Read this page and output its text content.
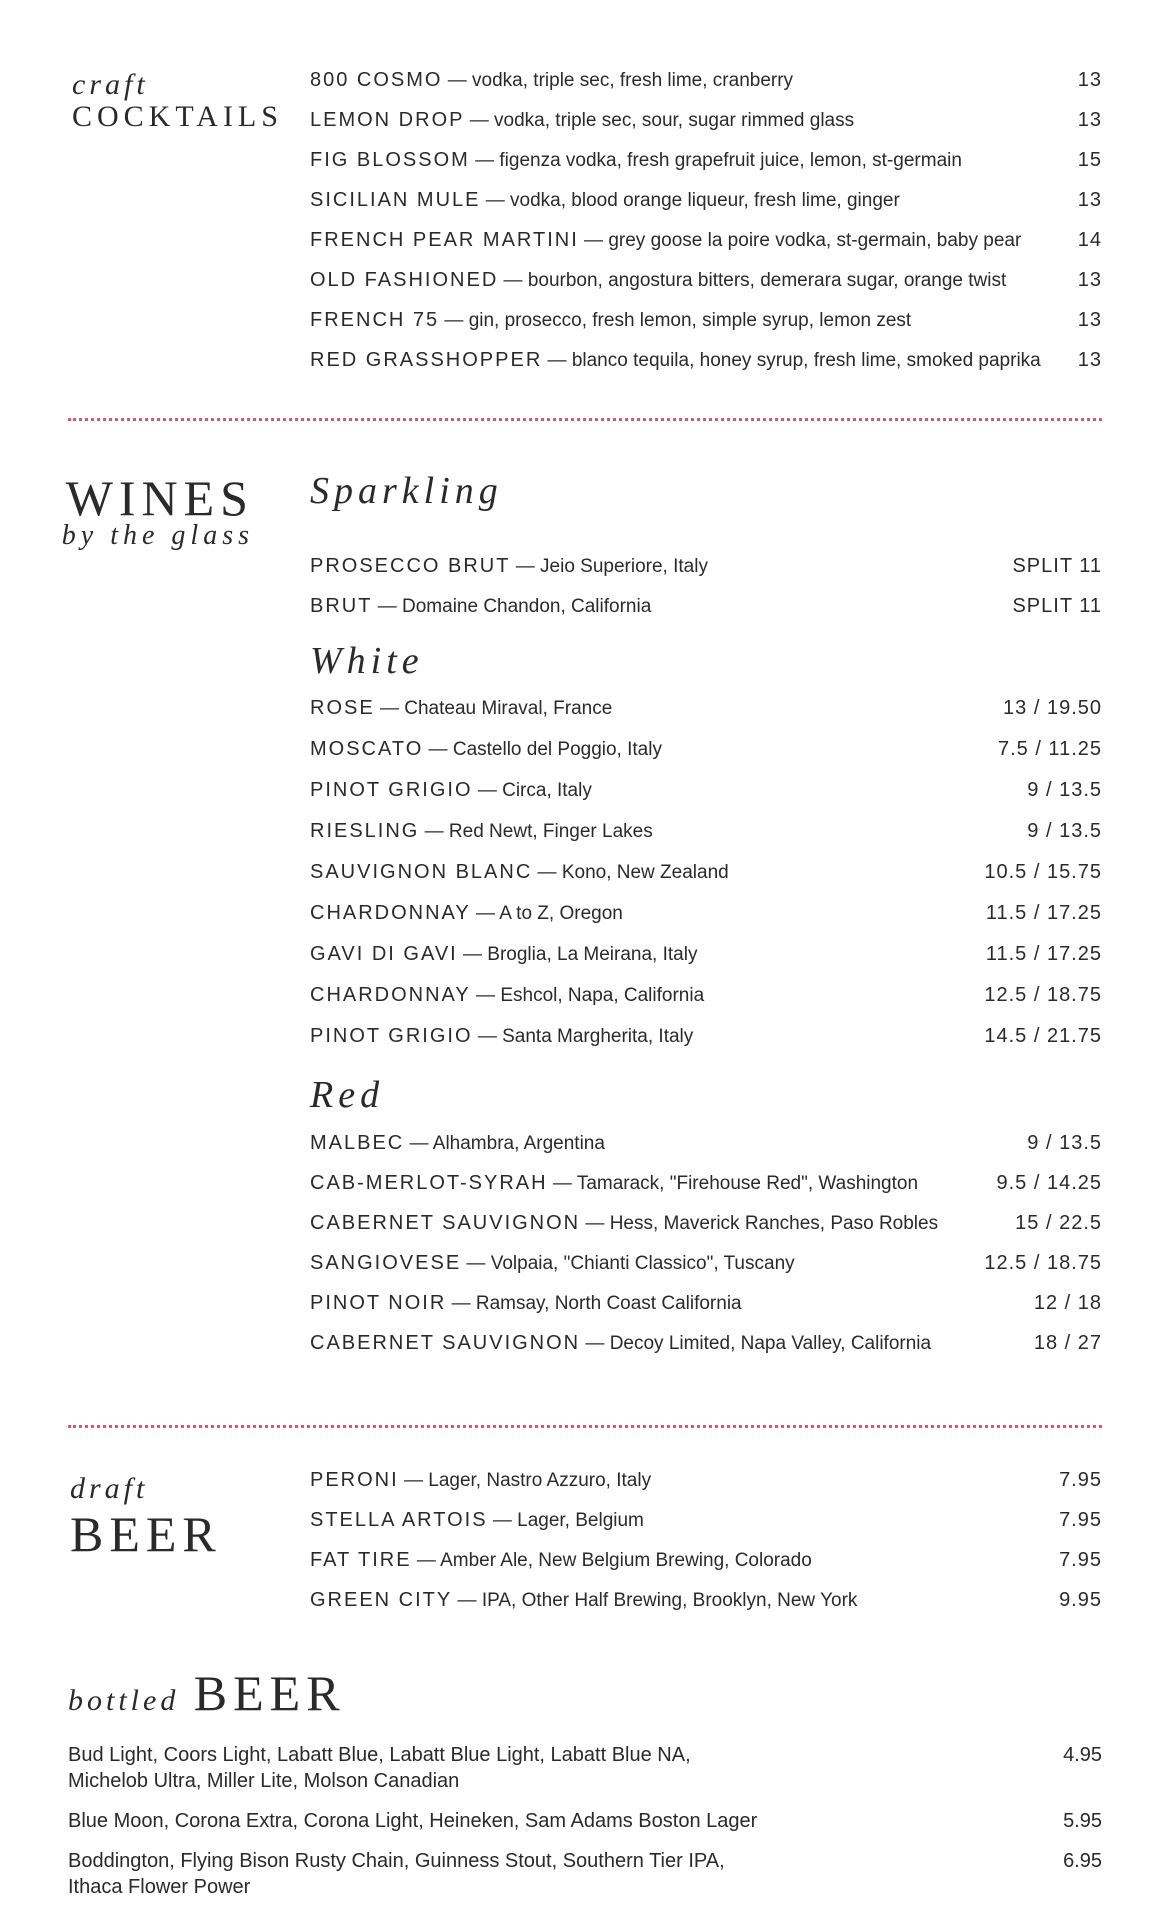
craft
COCKTAILS
800 COSMO — vodka, triple sec, fresh lime, cranberry	13
LEMON DROP — vodka, triple sec, sour, sugar rimmed glass	13
FIG BLOSSOM — figenza vodka, fresh grapefruit juice, lemon, st-germain	15
SICILIAN MULE — vodka, blood orange liqueur, fresh lime, ginger	13
FRENCH PEAR MARTINI — grey goose la poire vodka, st-germain, baby pear	14
OLD FASHIONED — bourbon, angostura bitters, demerara sugar, orange twist	13
FRENCH 75 — gin, prosecco, fresh lemon, simple syrup, lemon zest	13
RED GRASSHOPPER — blanco tequila, honey syrup, fresh lime, smoked paprika 13
WINES
by the glass
Sparkling
PROSECCO BRUT — Jeio Superiore, Italy	SPLIT 11
BRUT — Domaine Chandon, California	SPLIT 11
White
ROSE — Chateau Miraval, France	13 / 19.50
MOSCATO — Castello del Poggio, Italy	7.5 / 11.25
PINOT GRIGIO — Circa, Italy	9 / 13.5
RIESLING — Red Newt, Finger Lakes	9 / 13.5
SAUVIGNON BLANC — Kono, New Zealand	10.5 / 15.75
CHARDONNAY — A to Z, Oregon	11.5 / 17.25
GAVI DI GAVI — Broglia, La Meirana, Italy	11.5 / 17.25
CHARDONNAY — Eshcol, Napa, California	12.5 / 18.75
PINOT GRIGIO — Santa Margherita, Italy	14.5 / 21.75
Red
MALBEC — Alhambra, Argentina	9 / 13.5
CAB-MERLOT-SYRAH — Tamarack, "Firehouse Red", Washington	9.5 / 14.25
CABERNET SAUVIGNON — Hess, Maverick Ranches, Paso Robles	15 / 22.5
SANGIOVESE — Volpaia, "Chianti Classico", Tuscany	12.5 / 18.75
PINOT NOIR — Ramsay, North Coast California	12 / 18
CABERNET SAUVIGNON — Decoy Limited, Napa Valley, California	18 / 27
draft
BEER
PERONI — Lager, Nastro Azzuro, Italy	7.95
STELLA ARTOIS — Lager, Belgium	7.95
FAT TIRE — Amber Ale, New Belgium Brewing, Colorado	7.95
GREEN CITY — IPA, Other Half Brewing, Brooklyn, New York	9.95
bottled BEER
Bud Light, Coors Light, Labatt Blue, Labatt Blue Light, Labatt Blue NA, Michelob Ultra, Miller Lite, Molson Canadian
4.95
Blue Moon, Corona Extra, Corona Light, Heineken, Sam Adams Boston Lager	5.95
Boddington, Flying Bison Rusty Chain, Guinness Stout, Southern Tier IPA, Ithaca Flower Power
6.95
